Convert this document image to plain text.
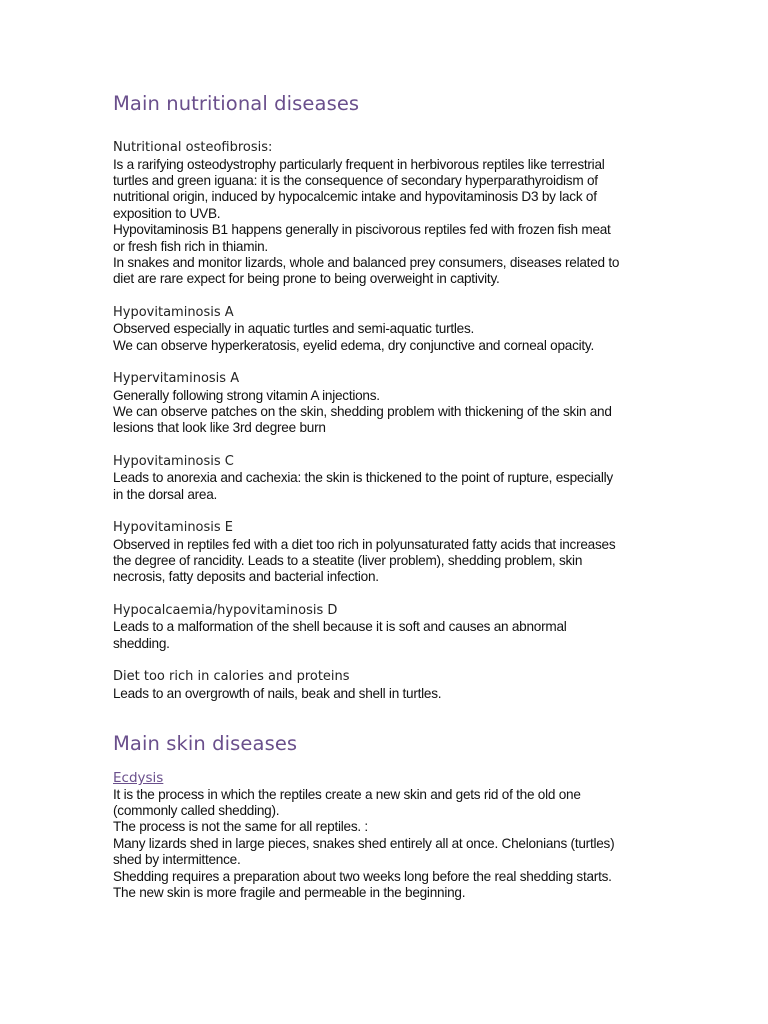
Main nutritional diseases
Nutritional osteofibrosis:

Is a rarifying osteodystrophy particularly frequent in herbivorous reptiles like terrestrial

turtles and green iguana: it is the consequence of secondary hyperparathyroidism of

nutritional origin, induced by hypocalcemic intake and hypovitaminosis D3 by lack of

exposition to UVB.

Hypovitaminosis B1 happens generally in piscivorous reptiles fed with frozen fish meat

or fresh fish rich in thiamin.

In snakes and monitor lizards, whole and balanced prey consumers, diseases related to

diet are rare expect for being prone to being overweight in captivity.

Hypovitaminosis A

Observed especially in aquatic turtles and semi-aquatic turtles.

We can observe hyperkeratosis, eyelid edema, dry conjunctive and corneal opacity.

Hypervitaminosis A

Generally following strong vitamin A injections.

We can observe patches on the skin, shedding problem with thickening of the skin and

lesions that look like 3rd degree burn

Hypovitaminosis C

Leads to anorexia and cachexia: the skin is thickened to the point of rupture, especially

in the dorsal area.

Hypovitaminosis E

Observed in reptiles fed with a diet too rich in polyunsaturated fatty acids that increases

the degree of rancidity. Leads to a steatite (liver problem), shedding problem, skin

necrosis, fatty deposits and bacterial infection.

Hypocalcaemia/hypovitaminosis D

Leads to a malformation of the shell because it is soft and causes an abnormal

shedding.

Diet too rich in calories and proteins

Leads to an overgrowth of nails, beak and shell in turtles.

Main skin diseases
Ecdysis

It is the process in which the reptiles create a new skin and gets rid of the old one

(commonly called shedding).

The process is not the same for all reptiles. :

Many lizards shed in large pieces, snakes shed entirely all at once. Chelonians (turtles)

shed by intermittence.

Shedding requires a preparation about two weeks long before the real shedding starts.

The new skin is more fragile and permeable in the beginning.
